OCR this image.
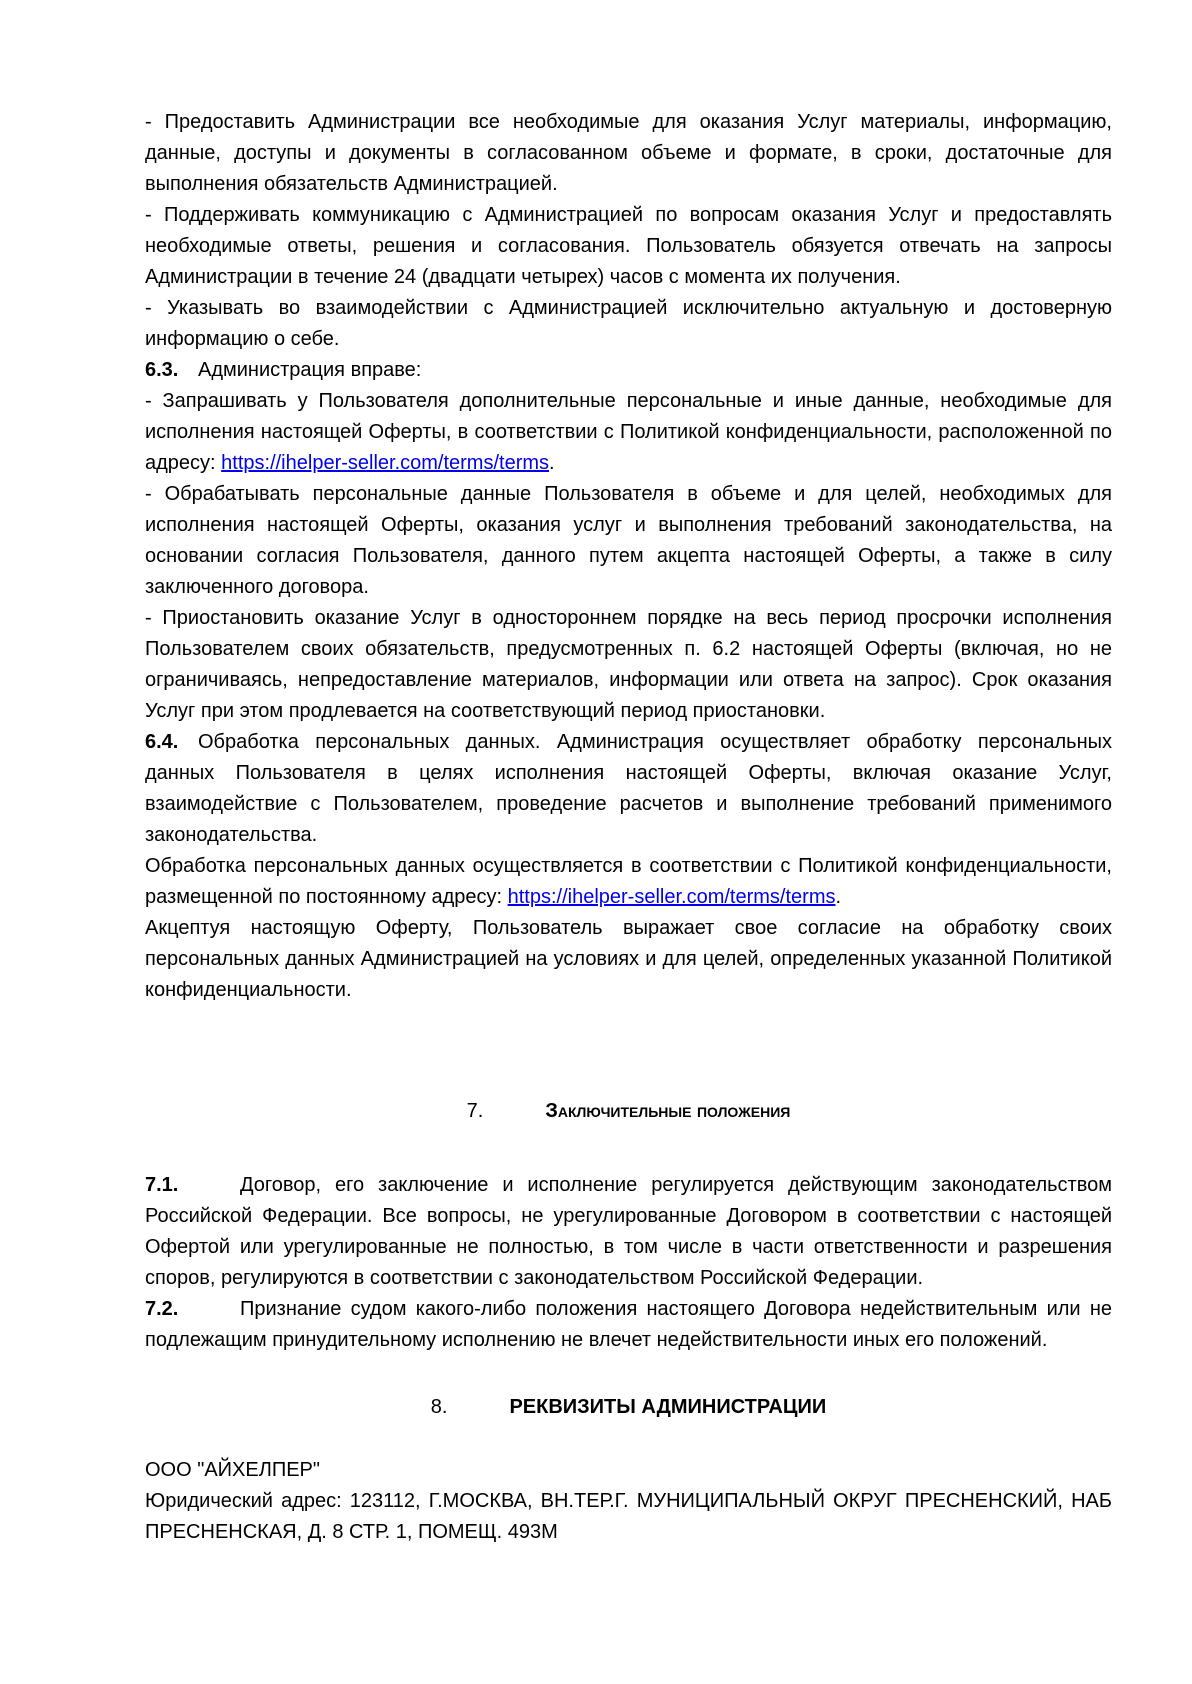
- Предоставить Администрации все необходимые для оказания Услуг материалы, информацию, данные, доступы и документы в согласованном объеме и формате, в сроки, достаточные для выполнения обязательств Администрацией.

- Поддерживать коммуникацию с Администрацией по вопросам оказания Услуг и предоставлять необходимые ответы, решения и согласования. Пользователь обязуется отвечать на запросы Администрации в течение 24 (двадцати четырех) часов с момента их получения.

- Указывать во взаимодействии с Администрацией исключительно актуальную и достоверную информацию о себе.

6.3. Администрация вправе:

- Запрашивать у Пользователя дополнительные персональные и иные данные, необходимые для исполнения настоящей Оферты, в соответствии с Политикой конфиденциальности, расположенной по адресу: https://ihelper-seller.com/terms/terms.

- Обрабатывать персональные данные Пользователя в объеме и для целей, необходимых для исполнения настоящей Оферты, оказания услуг и выполнения требований законодательства, на основании согласия Пользователя, данного путем акцепта настоящей Оферты, а также в силу заключенного договора.

- Приостановить оказание Услуг в одностороннем порядке на весь период просрочки исполнения Пользователем своих обязательств, предусмотренных п. 6.2 настоящей Оферты (включая, но не ограничиваясь, непредоставление материалов, информации или ответа на запрос). Срок оказания Услуг при этом продлевается на соответствующий период приостановки.

6.4. Обработка персональных данных. Администрация осуществляет обработку персональных данных Пользователя в целях исполнения настоящей Оферты, включая оказание Услуг, взаимодействие с Пользователем, проведение расчетов и выполнение требований применимого законодательства.

Обработка персональных данных осуществляется в соответствии с Политикой конфиденциальности, размещенной по постоянному адресу: https://ihelper-seller.com/terms/terms.

Акцептуя настоящую Оферту, Пользователь выражает свое согласие на обработку своих персональных данных Администрацией на условиях и для целей, определенных указанной Политикой конфиденциальности.

7.	Заключительные положения

7.1.	Договор, его заключение и исполнение регулируется действующим законодательством Российской Федерации. Все вопросы, не урегулированные Договором в соответствии с настоящей Офертой или урегулированные не полностью, в том числе в части ответственности и разрешения споров, регулируются в соответствии с законодательством Российской Федерации.

7.2.	Признание судом какого-либо положения настоящего Договора недействительным или не подлежащим принудительному исполнению не влечет недействительности иных его положений.

8.	РЕКВИЗИТЫ АДМИНИСТРАЦИИ

ООО "АЙХЕЛПЕР"

Юридический адрес: 123112, Г.МОСКВА, ВН.ТЕР.Г. МУНИЦИПАЛЬНЫЙ ОКРУГ ПРЕСНЕНСКИЙ, НАБ ПРЕСНЕНСКАЯ, Д. 8 СТР. 1, ПОМЕЩ. 493М
